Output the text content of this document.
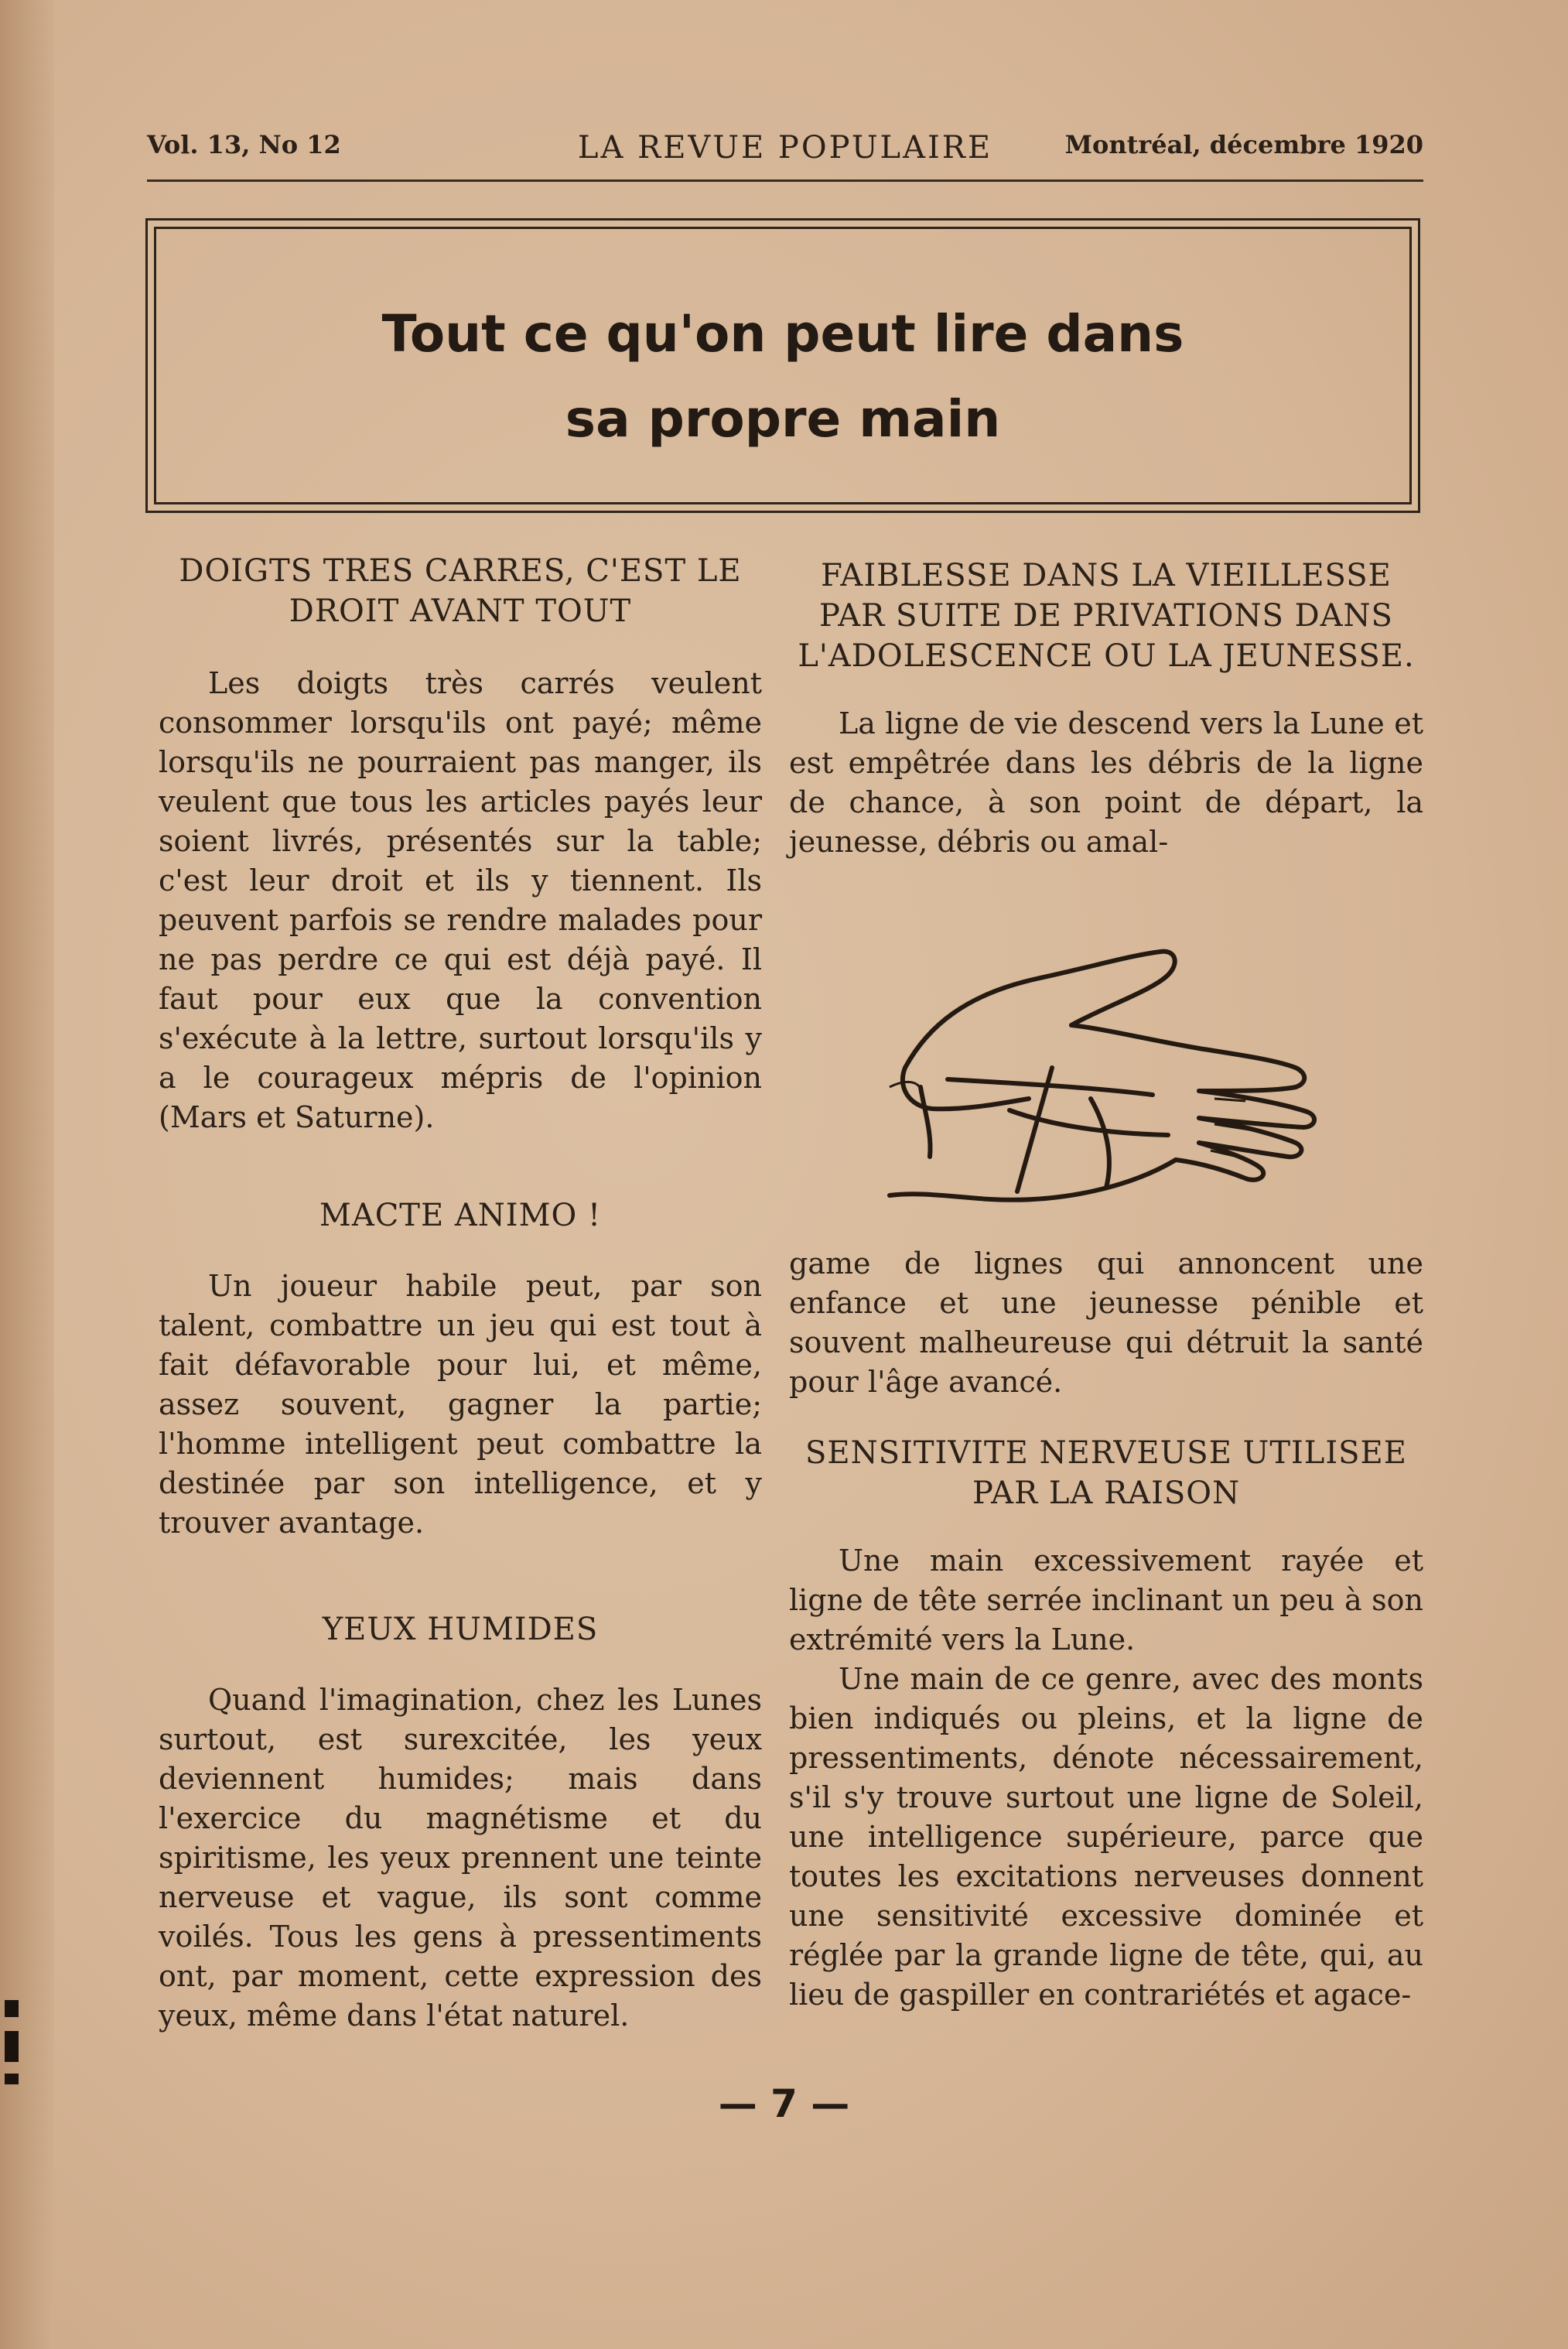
LA REVUE POPULAIRE
Vol. 13, No 12	Montréal, décembre 1920
Tout ce qu'on peut lire dans
sa propre main
DOIGTS TRES CARRES, C'EST LE DROIT AVANT TOUT

Les doigts très carrés veulent consommer lorsqu'ils ont payé; même lorsqu'ils ne pourraient pas manger, ils veulent que tous les articles payés leur soient livrés, présentés sur la table; c'est leur droit et ils y tiennent. Ils peuvent parfois se rendre malades pour ne pas perdre ce qui est déjà payé. Il faut pour eux que la convention s'exécute à la lettre, surtout lorsqu'ils y a le courageux mépris de l'opinion (Mars et Saturne).

MACTE ANIMO !

Un joueur habile peut, par son talent, combattre un jeu qui est tout à fait défavorable pour lui, et même, assez souvent, gagner la partie; l'homme intelligent peut combattre la destinée par son intelligence, et y trouver avantage.

YEUX HUMIDES

Quand l'imagination, chez les Lunes surtout, est surexcitée, les yeux deviennent humides; mais dans l'exercice du magnétisme et du spiritisme, les yeux prennent une teinte nerveuse et vague, ils sont comme voilés. Tous les gens à pressentiments ont, par moment, cette expression des yeux, même dans l'état naturel.

FAIBLESSE DANS LA VIEILLESSE PAR SUITE DE PRIVATIONS DANS L'ADOLESCENCE OU LA JEUNESSE.

La ligne de vie descend vers la Lune et est empêtrée dans les débris de la ligne de chance, à son point de départ, la jeunesse, débris ou amal-

game de lignes qui annoncent une enfance et une jeunesse pénible et souvent malheureuse qui détruit la santé pour l'âge avancé.

SENSITIVITE NERVEUSE UTILISEE PAR LA RAISON

Une main excessivement rayée et ligne de tête serrée inclinant un peu à son extrémité vers la Lune.

Une main de ce genre, avec des monts bien indiqués ou pleins, et la ligne de pressentiments, dénote nécessairement, s'il s'y trouve surtout une ligne de Soleil, une intelligence supérieure, parce que toutes les excitations nerveuses donnent une sensitivité excessive dominée et réglée par la grande ligne de tête, qui, au lieu de gaspiller en contrariétés et agace-

— 7 —
